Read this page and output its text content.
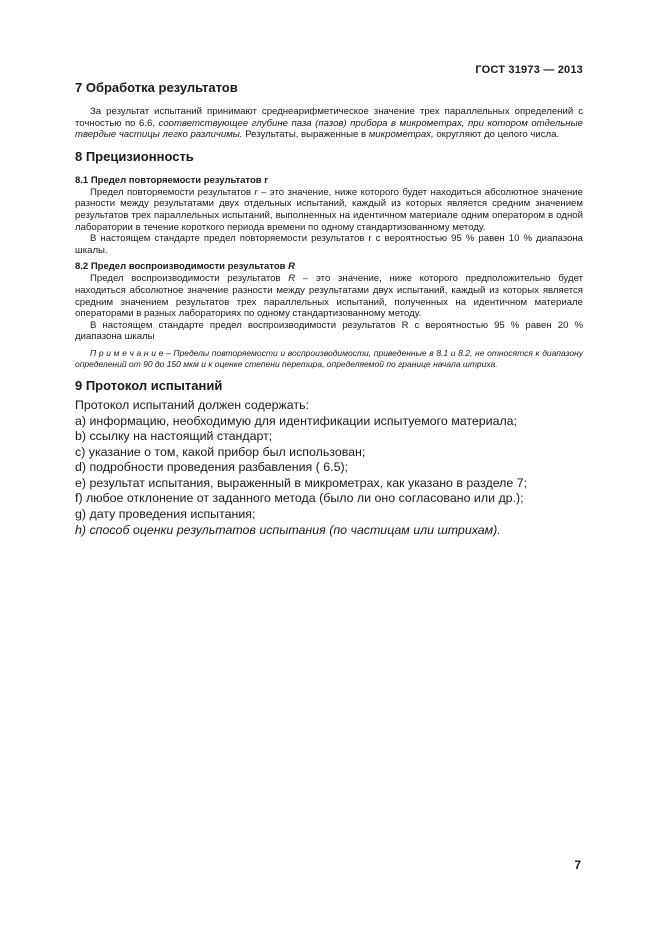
ГОСТ 31973 — 2013
7 Обработка результатов

За результат испытаний принимают среднеарифметическое значение трех параллельных определений с точностью по 6.6, соответствующее глубине паза (пазов) прибора в микрометрах, при котором отдельные твердые частицы легко различимы. Результаты, выраженные в микрометрах, округляют до целого числа.

8 Прецизионность
8.1 Предел повторяемости результатов r

Предел повторяемости результатов r – это значение, ниже которого будет находиться абсолютное значение разности между результатами двух отдельных испытаний, каждый из которых является средним значением результатов трех параллельных испытаний, выполненных на идентичном материале одним оператором в одной лаборатории в течение короткого периода времени по одному стандартизованному методу.

В настоящем стандарте предел повторяемости результатов r с вероятностью 95 % равен 10 % диапазона шкалы.

8.2 Предел воспроизводимости результатов R

Предел воспроизводимости результатов R – это значение, ниже которого предположительно будет находиться абсолютное значение разности между результатами двух испытаний, каждый из которых является средним значением результатов трех параллельных испытаний, полученных на идентичном материале операторами в разных лабораториях по одному стандартизованному методу.

В настоящем стандарте предел воспроизводимости результатов R с вероятностью 95 % равен 20 % диапазона шкалы

П р и м е ч а н и е – Пределы повторяемости и воспроизводимости, приведенные в 8.1 и 8.2, не относятся к диапазону определений от 90 до 150 мкм и к оценке степени перетира, определяемой по границе начала штриха.

9 Протокол испытаний

Протокол испытаний должен содержать:

a) информацию, необходимую для идентификации испытуемого материала;
b) ссылку на настоящий стандарт;
c) указание о том, какой прибор был использован;
d) подробности проведения разбавления ( 6.5);
e) результат испытания, выраженный в микрометрах, как указано в разделе 7;
f) любое отклонение от заданного метода (было ли оно согласовано или др.);
g) дату проведения испытания;
h) способ оценки результатов испытания (по частицам или штрихам).
7
